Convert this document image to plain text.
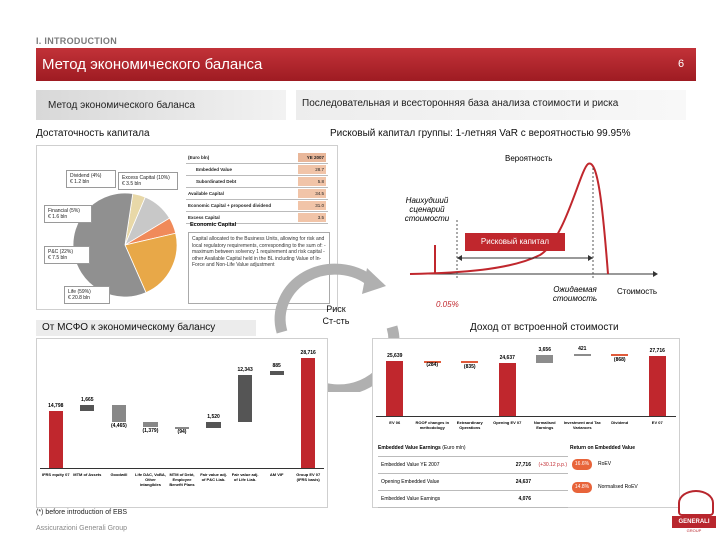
I. INTRODUCTION
Метод экономического баланса	6
Метод экономического баланса	Последовательная и всесторонняя база анализа стоимости и риска
Достаточность капитала	Рисковый капитал группы: 1-летняя VaR с вероятностью 99.95%
Dividend (4%)
€ 1.2 bln
Excess Capital (10%)
€ 3.5 bln
Financial (5%)
€ 1.6 bln
P&C (22%)
€ 7.5 bln
Life (59%)
€ 20.8 bln
(Euro bln)	YE 2007
Embedded Value	28.7
Subordinated Debt	5.8
Available Capital	34.5
Economic Capital + proposed dividend	31.0
Excess Capital	3.5
Economic Capital
Capital allocated to the Business Units, allowing for risk and local regulatory requirements, corresponding to the sum of: - maximum between solvency 1 requirement and risk capital - other Available Capital held in the BL including Value of In-Force and Non-Life Value adjustment
Вероятность
Наихудший сценарий стоимости
Рисковый капитал
Ожидаемая стоимость
Стоимость
0.05%
Риск
Ст-сть
От МСФО к экономическому балансу	Доход от встроенной стоимости
14,798
IFRS equity 07
1,665
MTM of Assets
(4,465)
Goodwill
(1,379)
Life DAC, VoBA, Other intangibles
(94)
MTM of Debt, Employee Benefit Plans
1,520
Fair value adj. of P&C Liab.
12,343
Fair value adj. of Life Liab.
885
AM VIF
28,716
Group EV 07 (IFRS basis)
25,639
EV 06
(284)
ROOF changes in methodology
(835)
Extraordinary Operations
24,637
Opening EV 07
3,656
Normalised Earnings
421
Investment and Tax Variances
(868)
Dividend
27,716
EV 07
Embedded Value Earnings (Euro mln)	Return on Embedded Value
Embedded Value YE 2007	27,716	(+30.12 p.p.)
Opening Embedded Value	24,637
Embedded Value Earnings	4,076
16.6%	RoEV
14.8%	Normalised RoEV
(*) before introduction of EBS
Assicurazioni Generali Group
GENERALI
GROUP
